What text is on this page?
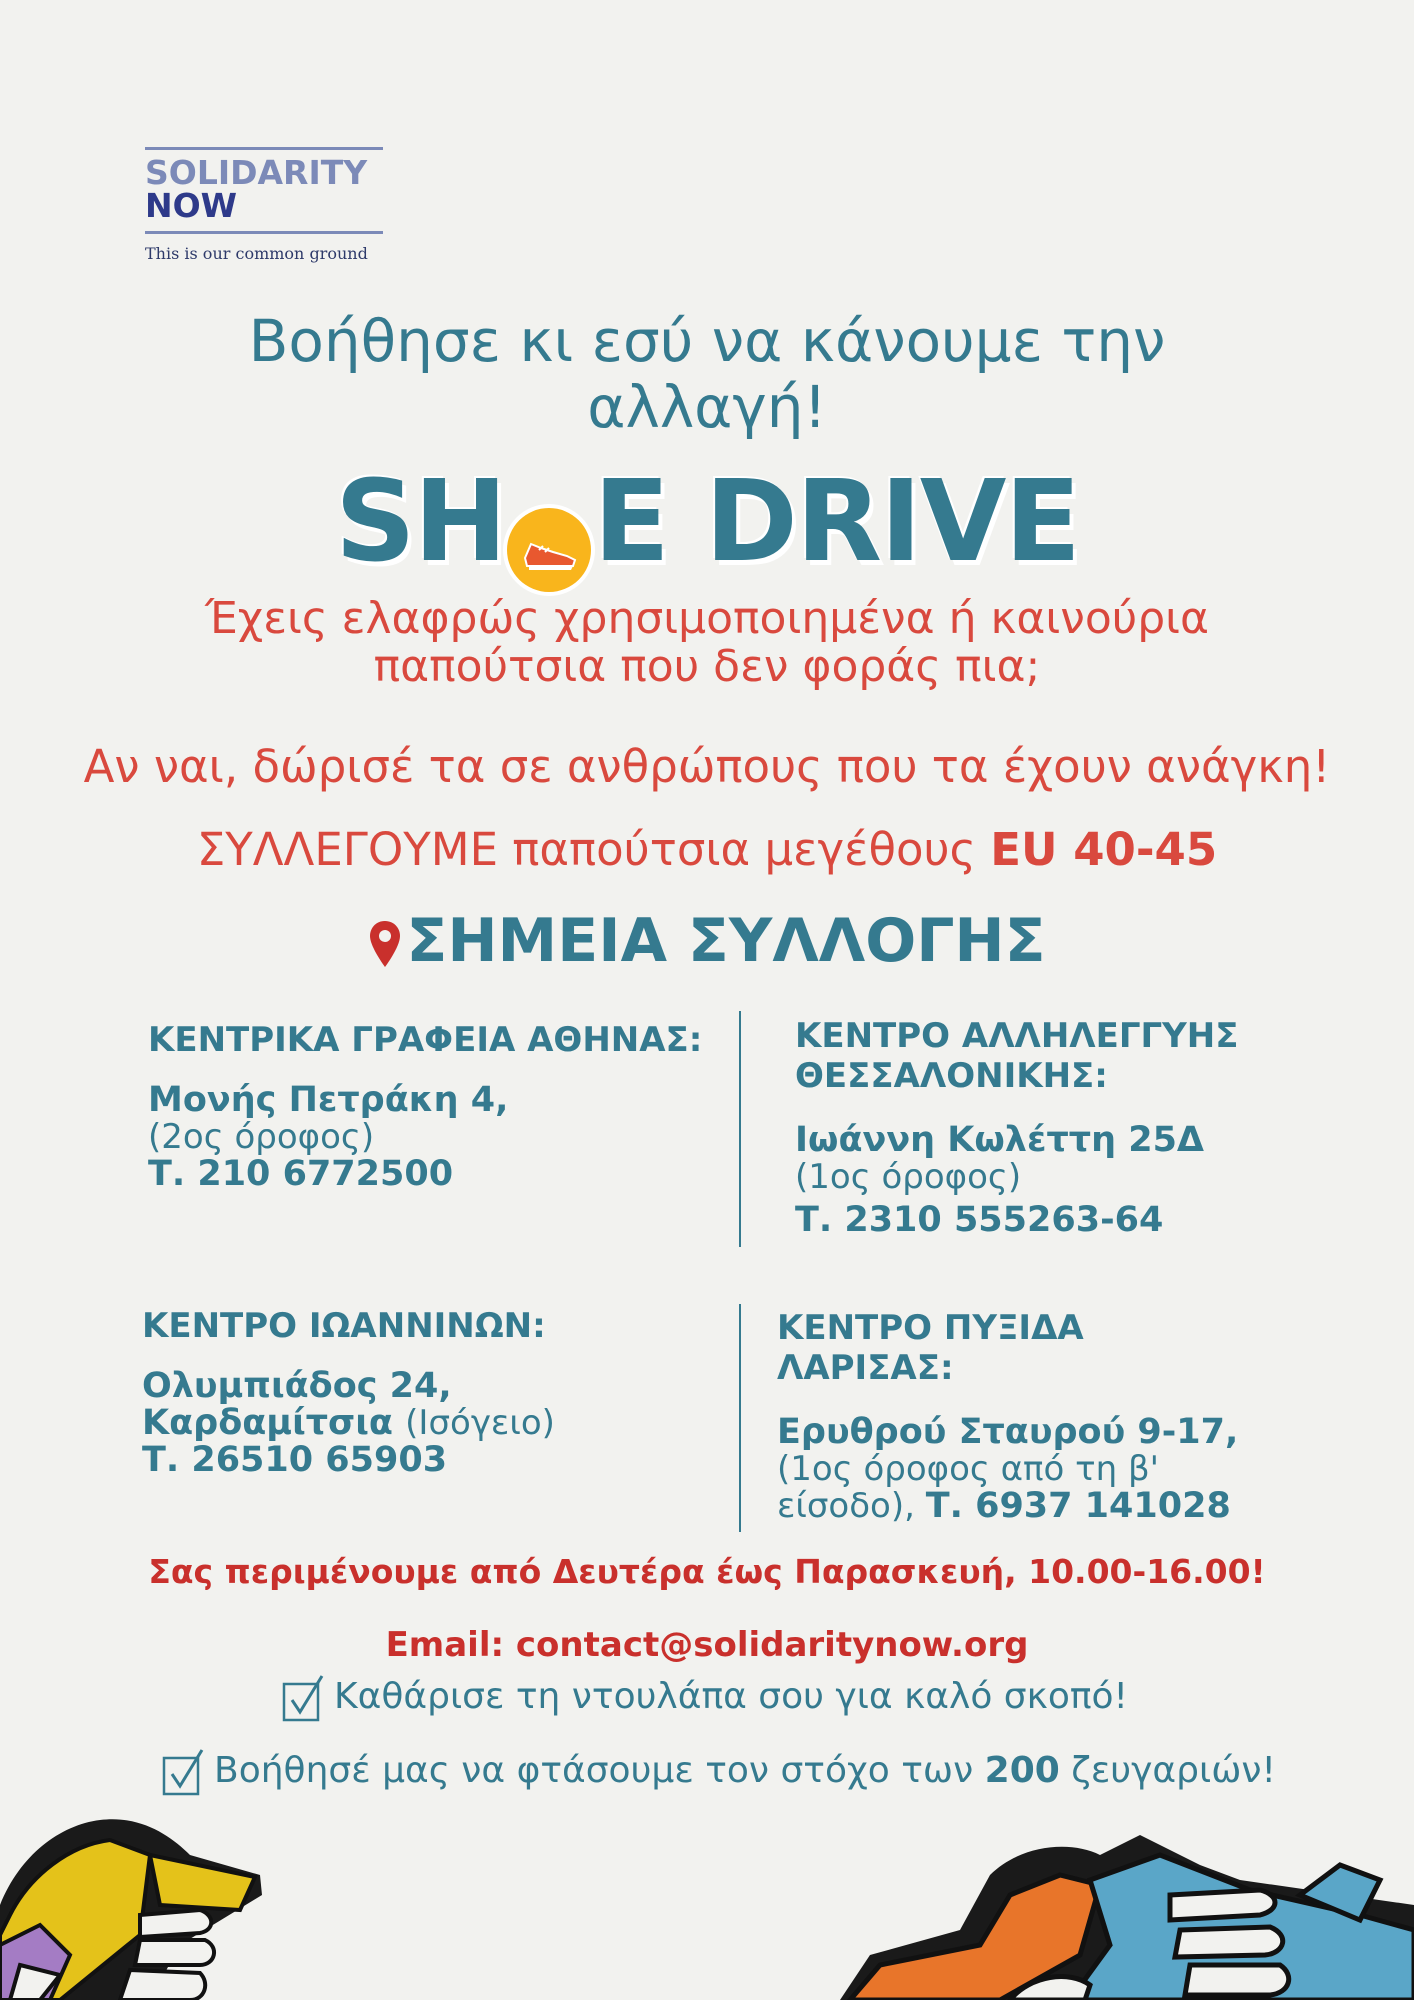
SOLIDARITY
NOW
This is our common ground
Βοήθησε κι εσύ να κάνουμε την
αλλαγή!
SH E DRIVE
Έχεις ελαφρώς χρησιμοποιημένα ή καινούρια
παπούτσια που δεν φοράς πια;
Αν ναι, δώρισέ τα σε ανθρώπους που τα έχουν ανάγκη!
ΣΥΛΛΕΓΟΥΜΕ παπούτσια μεγέθους EU 40-45
ΣΗΜΕΙΑ ΣΥΛΛΟΓΗΣ
ΚΕΝΤΡΙΚΑ ΓΡΑΦΕΙΑ ΑΘΗΝΑΣ:
Μονής Πετράκη 4,
(2ος όροφος)
Τ. 210 6772500
ΚΕΝΤΡΟ ΑΛΛΗΛΕΓΓΥΗΣ
ΘΕΣΣΑΛΟΝΙΚΗΣ:
Ιωάννη Κωλέττη 25Δ
(1ος όροφος)
Τ. 2310 555263-64
ΚΕΝΤΡΟ ΙΩΑΝΝΙΝΩΝ:
Ολυμπιάδος 24,
Καρδαμίτσια (Ισόγειο)
Τ. 26510 65903
ΚΕΝΤΡΟ ΠΥΞΙΔΑ
ΛΑΡΙΣΑΣ:
Ερυθρού Σταυρού 9-17,
(1ος όροφος από τη β'
είσοδο), Τ. 6937 141028
Σας περιμένουμε από Δευτέρα έως Παρασκευή, 10.00-16.00!
Email: contact@solidaritynow.org
Καθάρισε τη ντουλάπα σου για καλό σκοπό!
Βοήθησέ μας να φτάσουμε τον στόχο των 200 ζευγαριών!
